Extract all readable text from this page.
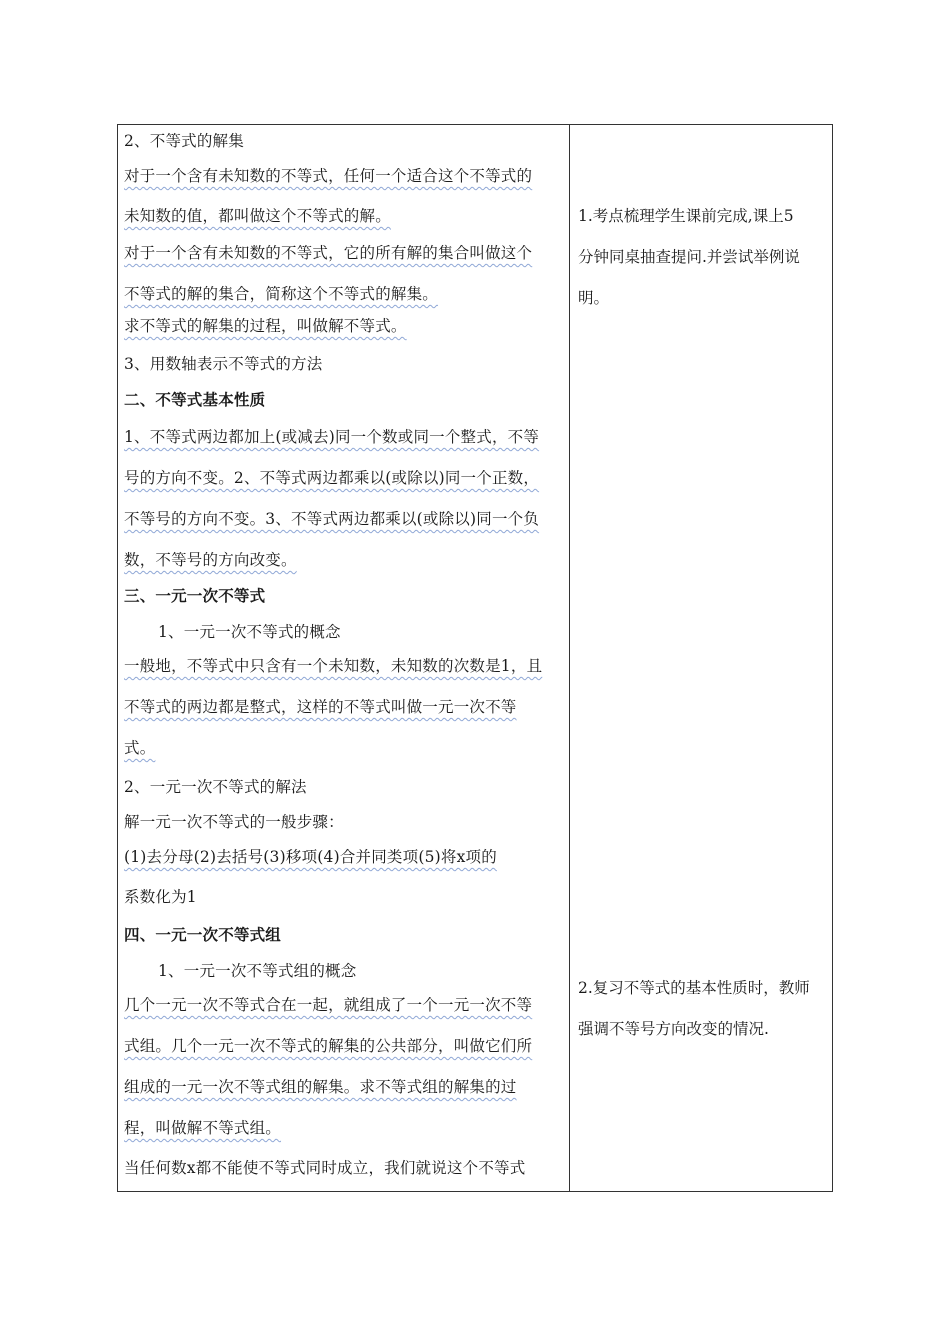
2、不等式的解集
对于一个含有未知数的不等式，任何一个适合这个不等式的
未知数的值，都叫做这个不等式的解。
对于一个含有未知数的不等式，它的所有解的集合叫做这个
不等式的解的集合，简称这个不等式的解集。
求不等式的解集的过程，叫做解不等式。
3、用数轴表示不等式的方法
二、不等式基本性质
1、不等式两边都加上(或减去)同一个数或同一个整式，不等
号的方向不变。2、不等式两边都乘以(或除以)同一个正数，
不等号的方向不变。3、不等式两边都乘以(或除以)同一个负
数，不等号的方向改变。
三、一元一次不等式
1、一元一次不等式的概念
一般地，不等式中只含有一个未知数，未知数的次数是1，且
不等式的两边都是整式，这样的不等式叫做一元一次不等
式。
2、一元一次不等式的解法
解一元一次不等式的一般步骤：
(1)去分母(2)去括号(3)移项(4)合并同类项(5)将x项的
系数化为1
四、一元一次不等式组
1、一元一次不等式组的概念
几个一元一次不等式合在一起，就组成了一个一元一次不等
式组。几个一元一次不等式的解集的公共部分，叫做它们所
组成的一元一次不等式组的解集。求不等式组的解集的过
程，叫做解不等式组。
当任何数x都不能使不等式同时成立，我们就说这个不等式
1.考点梳理学生课前完成,课上5
分钟同桌抽查提问.并尝试举例说
明。
2.复习不等式的基本性质时，教师
强调不等号方向改变的情况.
